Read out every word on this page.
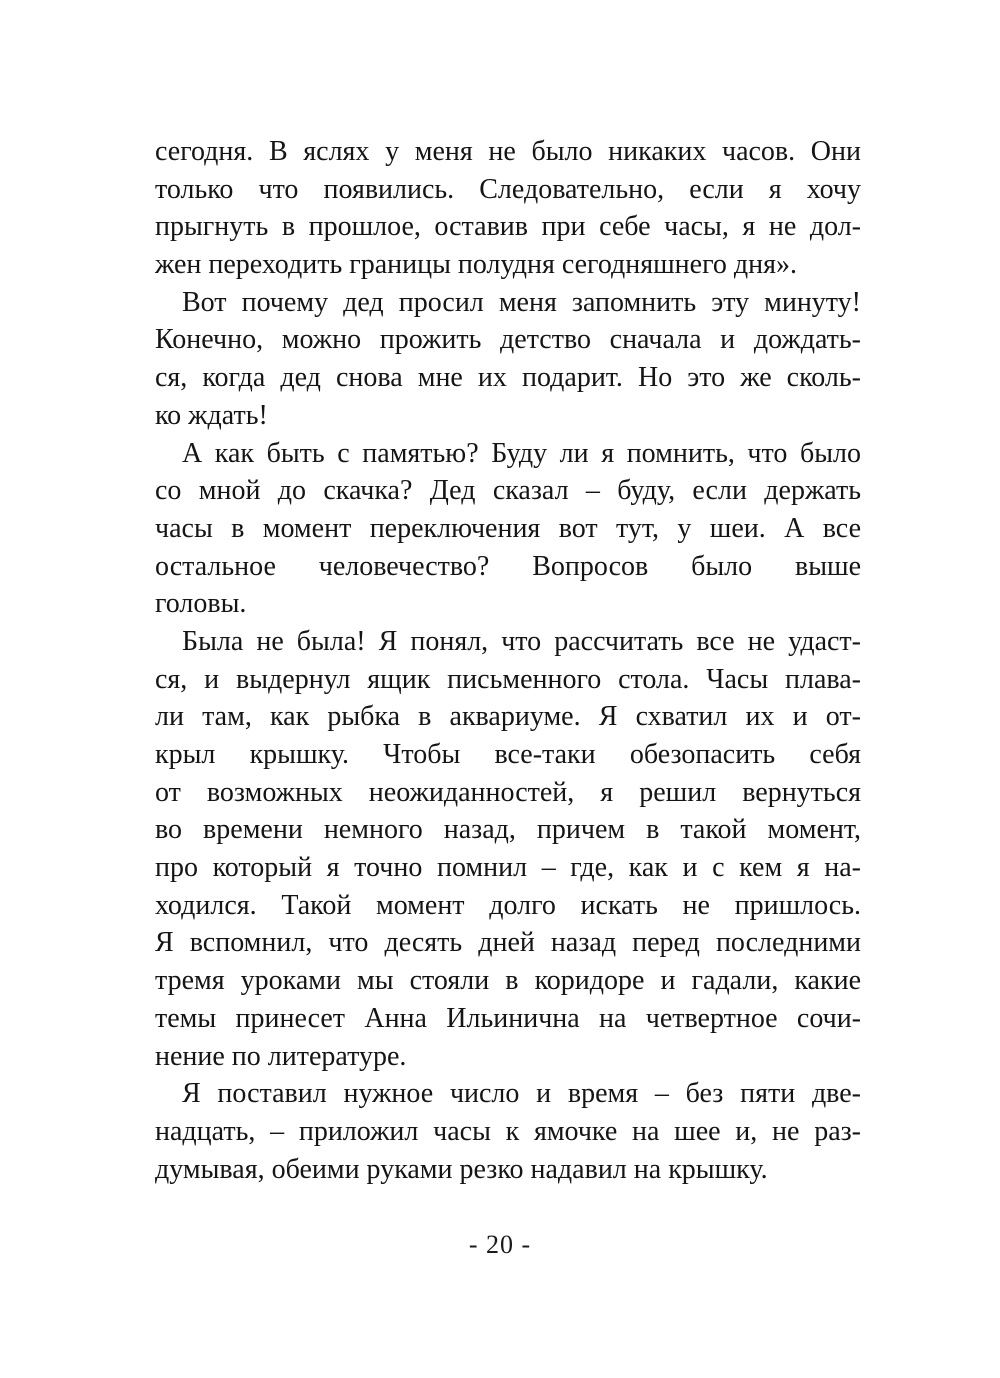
сегодня. В яслях у меня не было никаких часов. Они
только что появились. Следовательно, если я хочу
прыгнуть в прошлое, оставив при себе часы, я не дол-
жен переходить границы полудня сегодняшнего дня».
Вот почему дед просил меня запомнить эту минуту!
Конечно, можно прожить детство сначала и дождать-
ся, когда дед снова мне их подарит. Но это же сколь-
ко ждать!
А как быть с памятью? Буду ли я помнить, что было
со мной до скачка? Дед сказал – буду, если держать
часы в момент переключения вот тут, у шеи. А все
остальное человечество? Вопросов было выше
головы.
Была не была! Я понял, что рассчитать все не удаст-
ся, и выдернул ящик письменного стола. Часы плава-
ли там, как рыбка в аквариуме. Я схватил их и от-
крыл крышку. Чтобы все-таки обезопасить себя
от возможных неожиданностей, я решил вернуться
во времени немного назад, причем в такой момент,
про который я точно помнил – где, как и с кем я на-
ходился. Такой момент долго искать не пришлось.
Я вспомнил, что десять дней назад перед последними
тремя уроками мы стояли в коридоре и гадали, какие
темы принесет Анна Ильинична на четвертное сочи-
нение по литературе.
Я поставил нужное число и время – без пяти две-
надцать, – приложил часы к ямочке на шее и, не раз-
думывая, обеими руками резко надавил на крышку.
- 20 -
